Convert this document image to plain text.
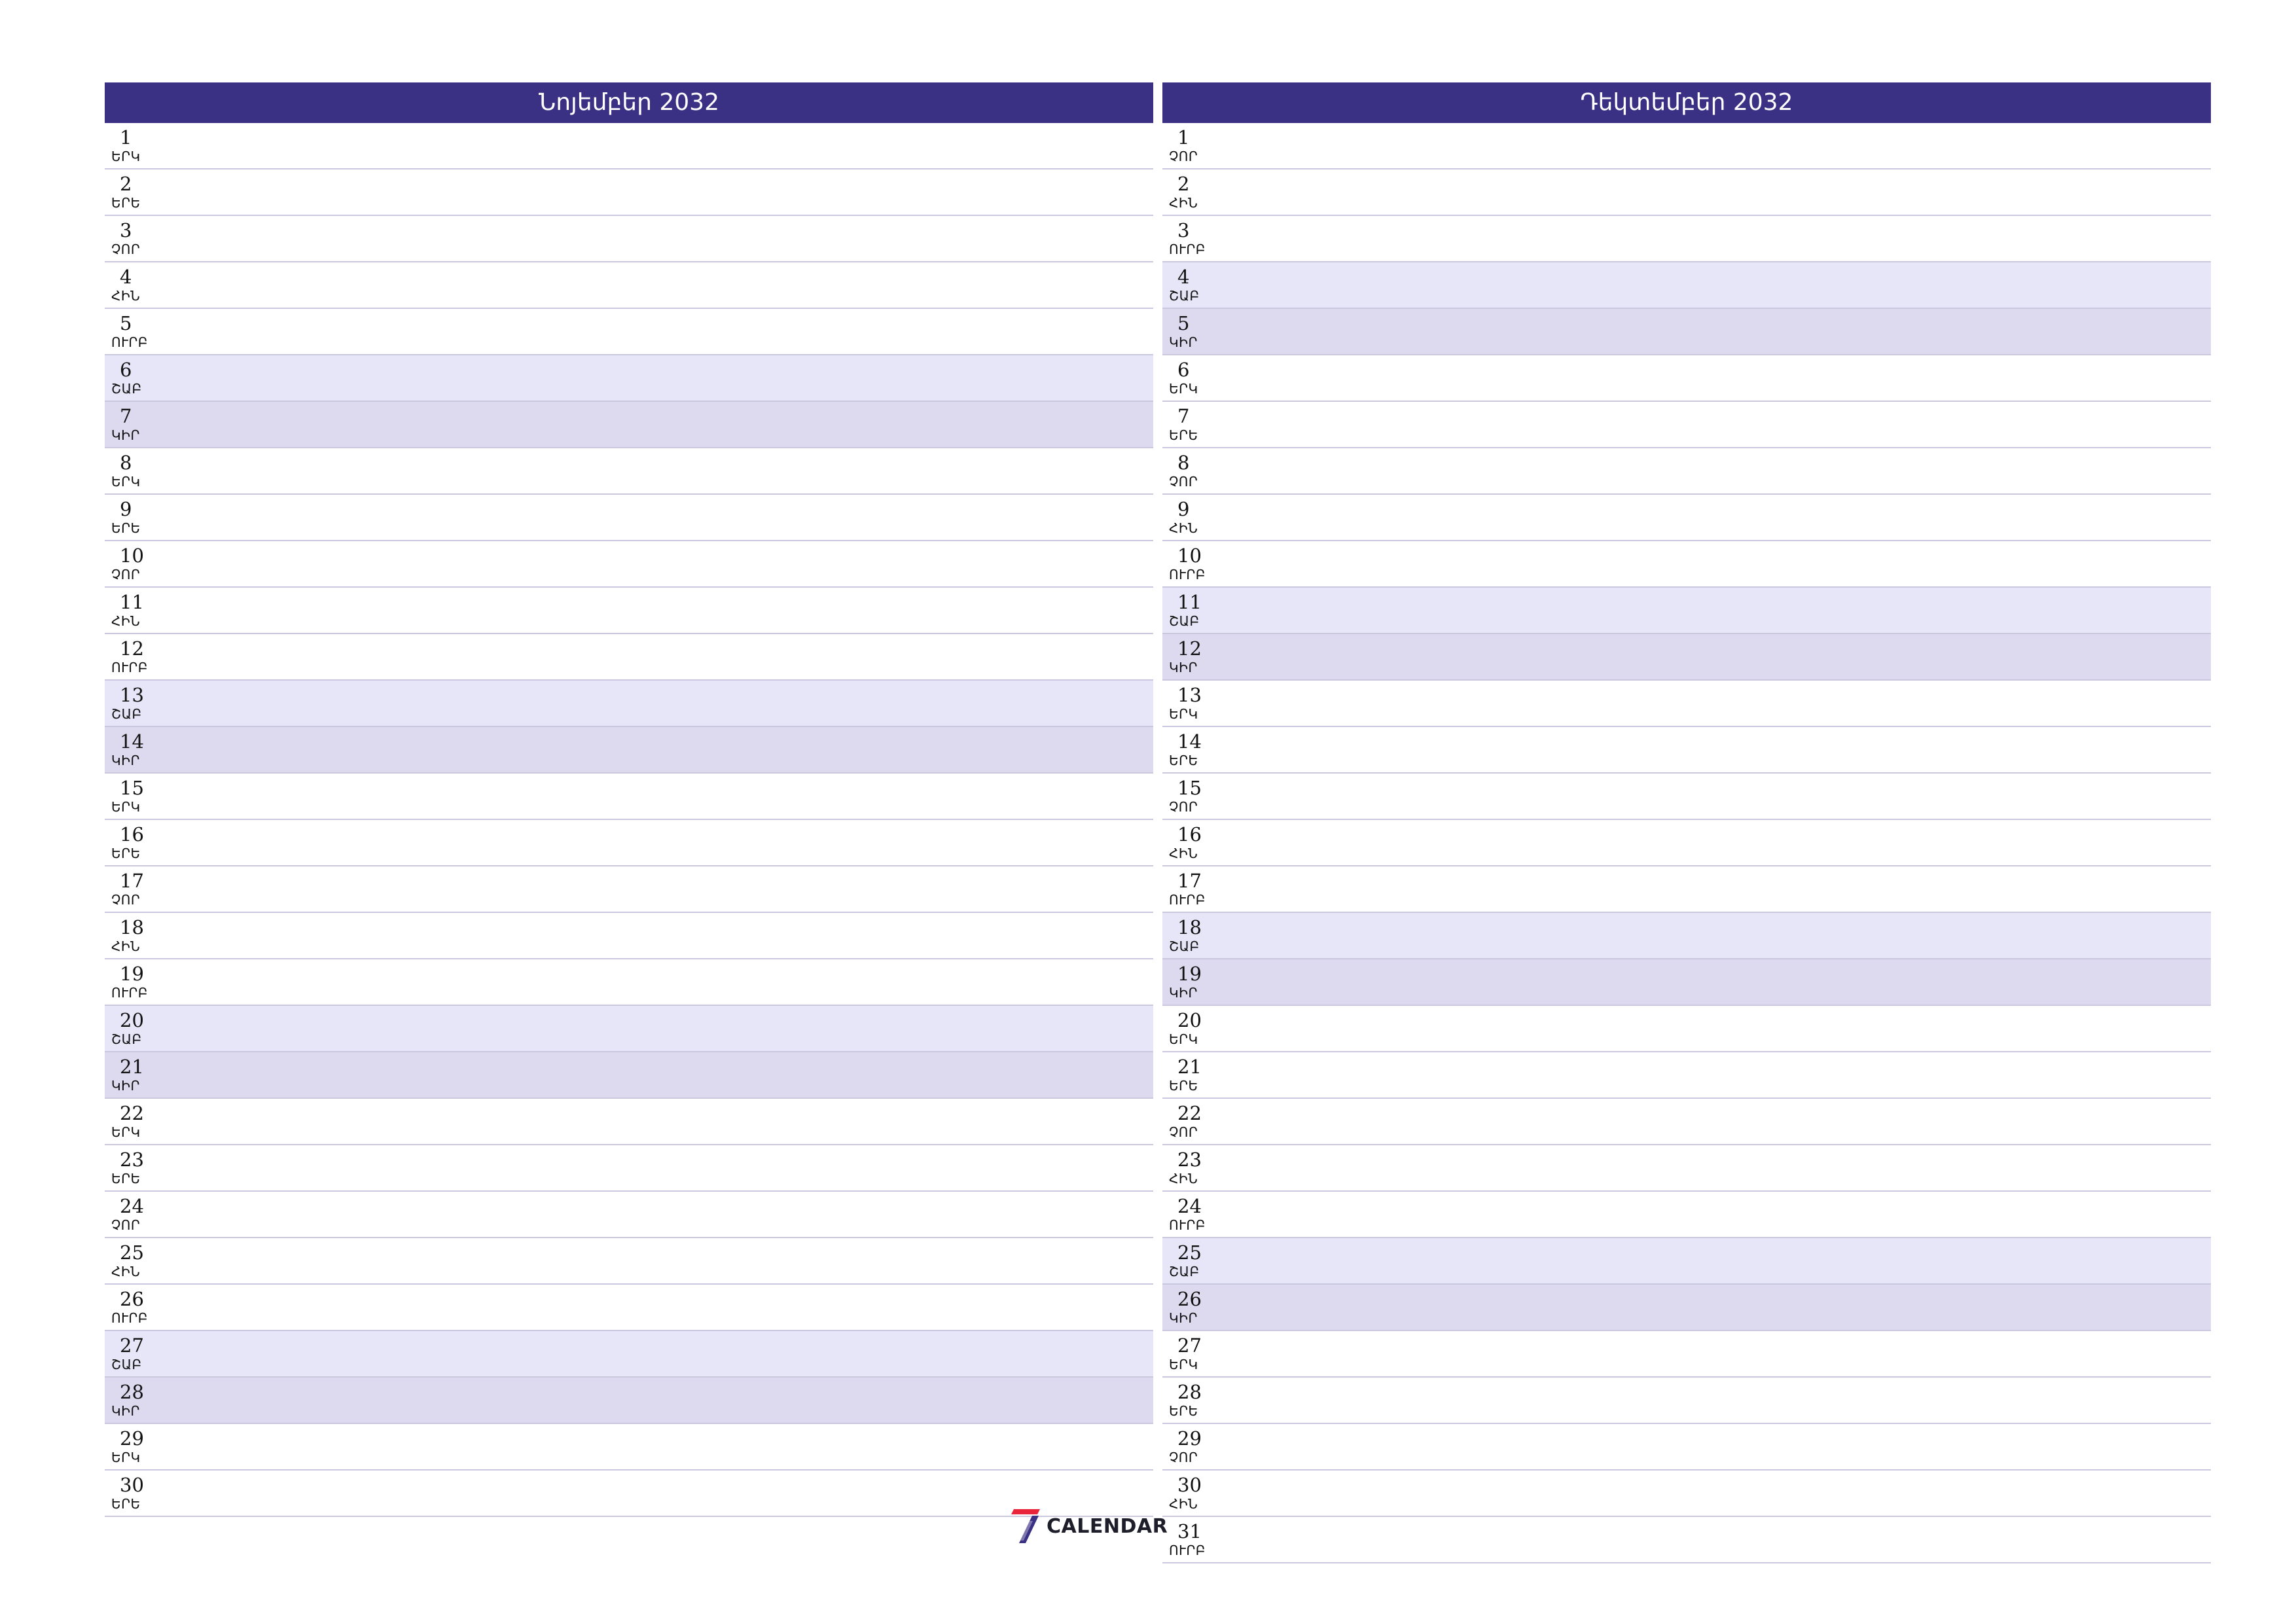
Նոյեմբեր 2032
1
ԵՐԿ
2
ԵՐԵ
3
ՉՈՐ
4
ՀԻՆ
5
ՈՒՐԲ
6
ՇԱԲ
7
ԿԻՐ
8
ԵՐԿ
9
ԵՐԵ
10
ՉՈՐ
11
ՀԻՆ
12
ՈՒՐԲ
13
ՇԱԲ
14
ԿԻՐ
15
ԵՐԿ
16
ԵՐԵ
17
ՉՈՐ
18
ՀԻՆ
19
ՈՒՐԲ
20
ՇԱԲ
21
ԿԻՐ
22
ԵՐԿ
23
ԵՐԵ
24
ՉՈՐ
25
ՀԻՆ
26
ՈՒՐԲ
27
ՇԱԲ
28
ԿԻՐ
29
ԵՐԿ
30
ԵՐԵ
Դեկտեմբեր 2032
1
ՉՈՐ
2
ՀԻՆ
3
ՈՒՐԲ
4
ՇԱԲ
5
ԿԻՐ
6
ԵՐԿ
7
ԵՐԵ
8
ՉՈՐ
9
ՀԻՆ
10
ՈՒՐԲ
11
ՇԱԲ
12
ԿԻՐ
13
ԵՐԿ
14
ԵՐԵ
15
ՉՈՐ
16
ՀԻՆ
17
ՈՒՐԲ
18
ՇԱԲ
19
ԿԻՐ
20
ԵՐԿ
21
ԵՐԵ
22
ՉՈՐ
23
ՀԻՆ
24
ՈՒՐԲ
25
ՇԱԲ
26
ԿԻՐ
27
ԵՐԿ
28
ԵՐԵ
29
ՉՈՐ
30
ՀԻՆ
31
ՈՒՐԲ
CALENDAR
